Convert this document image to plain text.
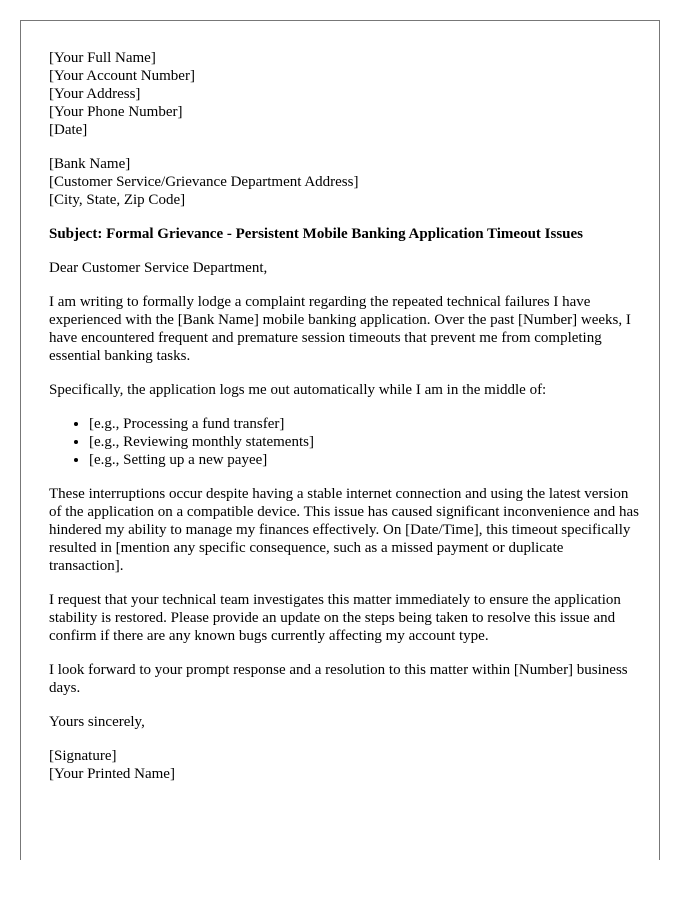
[Your Full Name]
[Your Account Number]
[Your Address]
[Your Phone Number]
[Date]
[Bank Name]
[Customer Service/Grievance Department Address]
[City, State, Zip Code]

Subject: Formal Grievance - Persistent Mobile Banking Application Timeout Issues

Dear Customer Service Department,

I am writing to formally lodge a complaint regarding the repeated technical failures I have experienced with the [Bank Name] mobile banking application. Over the past [Number] weeks, I have encountered frequent and premature session timeouts that prevent me from completing essential banking tasks.

Specifically, the application logs me out automatically while I am in the middle of:

• [e.g., Processing a fund transfer]
• [e.g., Reviewing monthly statements]
• [e.g., Setting up a new payee]

These interruptions occur despite having a stable internet connection and using the latest version of the application on a compatible device. This issue has caused significant inconvenience and has hindered my ability to manage my finances effectively. On [Date/Time], this timeout specifically resulted in [mention any specific consequence, such as a missed payment or duplicate transaction].

I request that your technical team investigates this matter immediately to ensure the application stability is restored. Please provide an update on the steps being taken to resolve this issue and confirm if there are any known bugs currently affecting my account type.

I look forward to your prompt response and a resolution to this matter within [Number] business days.

Yours sincerely,

[Signature]
[Your Printed Name]
